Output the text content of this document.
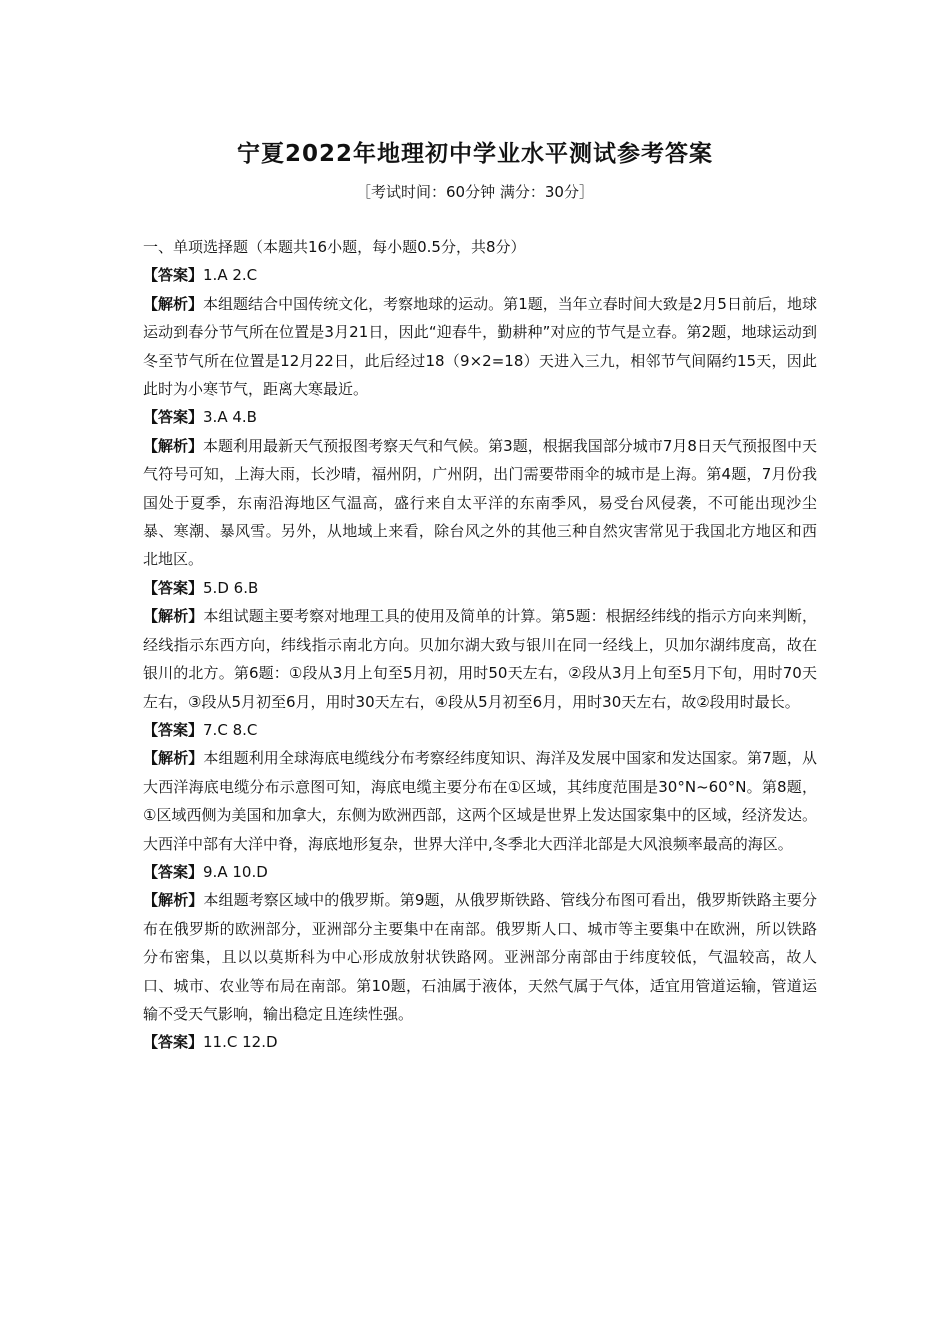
宁夏2022年地理初中学业水平测试参考答案

［考试时间：60分钟 满分：30分］

一、单项选择题（本题共16小题，每小题0.5分，共8分）

【答案】1.A 2.C

【解析】本组题结合中国传统文化，考察地球的运动。第1题，当年立春时间大致是2月5日前后，地球运动到春分节气所在位置是3月21日，因此“迎春牛，勤耕种”对应的节气是立春。第2题，地球运动到冬至节气所在位置是12月22日，此后经过18（9×2=18）天进入三九，相邻节气间隔约15天，因此此时为小寒节气，距离大寒最近。

【答案】3.A 4.B

【解析】本题利用最新天气预报图考察天气和气候。第3题，根据我国部分城市7月8日天气预报图中天气符号可知，上海大雨，长沙晴，福州阴，广州阴，出门需要带雨伞的城市是上海。第4题，7月份我国处于夏季，东南沿海地区气温高，盛行来自太平洋的东南季风，易受台风侵袭，不可能出现沙尘暴、寒潮、暴风雪。另外，从地域上来看，除台风之外的其他三种自然灾害常见于我国北方地区和西北地区。

【答案】5.D 6.B

【解析】本组试题主要考察对地理工具的使用及简单的计算。第5题：根据经纬线的指示方向来判断，经线指示东西方向，纬线指示南北方向。贝加尔湖大致与银川在同一经线上，贝加尔湖纬度高，故在银川的北方。第6题：①段从3月上旬至5月初，用时50天左右，②段从3月上旬至5月下旬，用时70天左右，③段从5月初至6月，用时30天左右，④段从5月初至6月，用时30天左右，故②段用时最长。

【答案】7.C 8.C

【解析】本组题利用全球海底电缆线分布考察经纬度知识、海洋及发展中国家和发达国家。第7题，从大西洋海底电缆分布示意图可知，海底电缆主要分布在①区域，其纬度范围是30°N~60°N。第8题，①区域西侧为美国和加拿大，东侧为欧洲西部，这两个区域是世界上发达国家集中的区域，经济发达。大西洋中部有大洋中脊，海底地形复杂，世界大洋中,冬季北大西洋北部是大风浪频率最高的海区。

【答案】9.A 10.D

【解析】本组题考察区域中的俄罗斯。第9题，从俄罗斯铁路、管线分布图可看出，俄罗斯铁路主要分布在俄罗斯的欧洲部分，亚洲部分主要集中在南部。俄罗斯人口、城市等主要集中在欧洲，所以铁路分布密集，且以以莫斯科为中心形成放射状铁路网。亚洲部分南部由于纬度较低，气温较高，故人口、城市、农业等布局在南部。第10题，石油属于液体，天然气属于气体，适宜用管道运输，管道运输不受天气影响，输出稳定且连续性强。

【答案】11.C 12.D
